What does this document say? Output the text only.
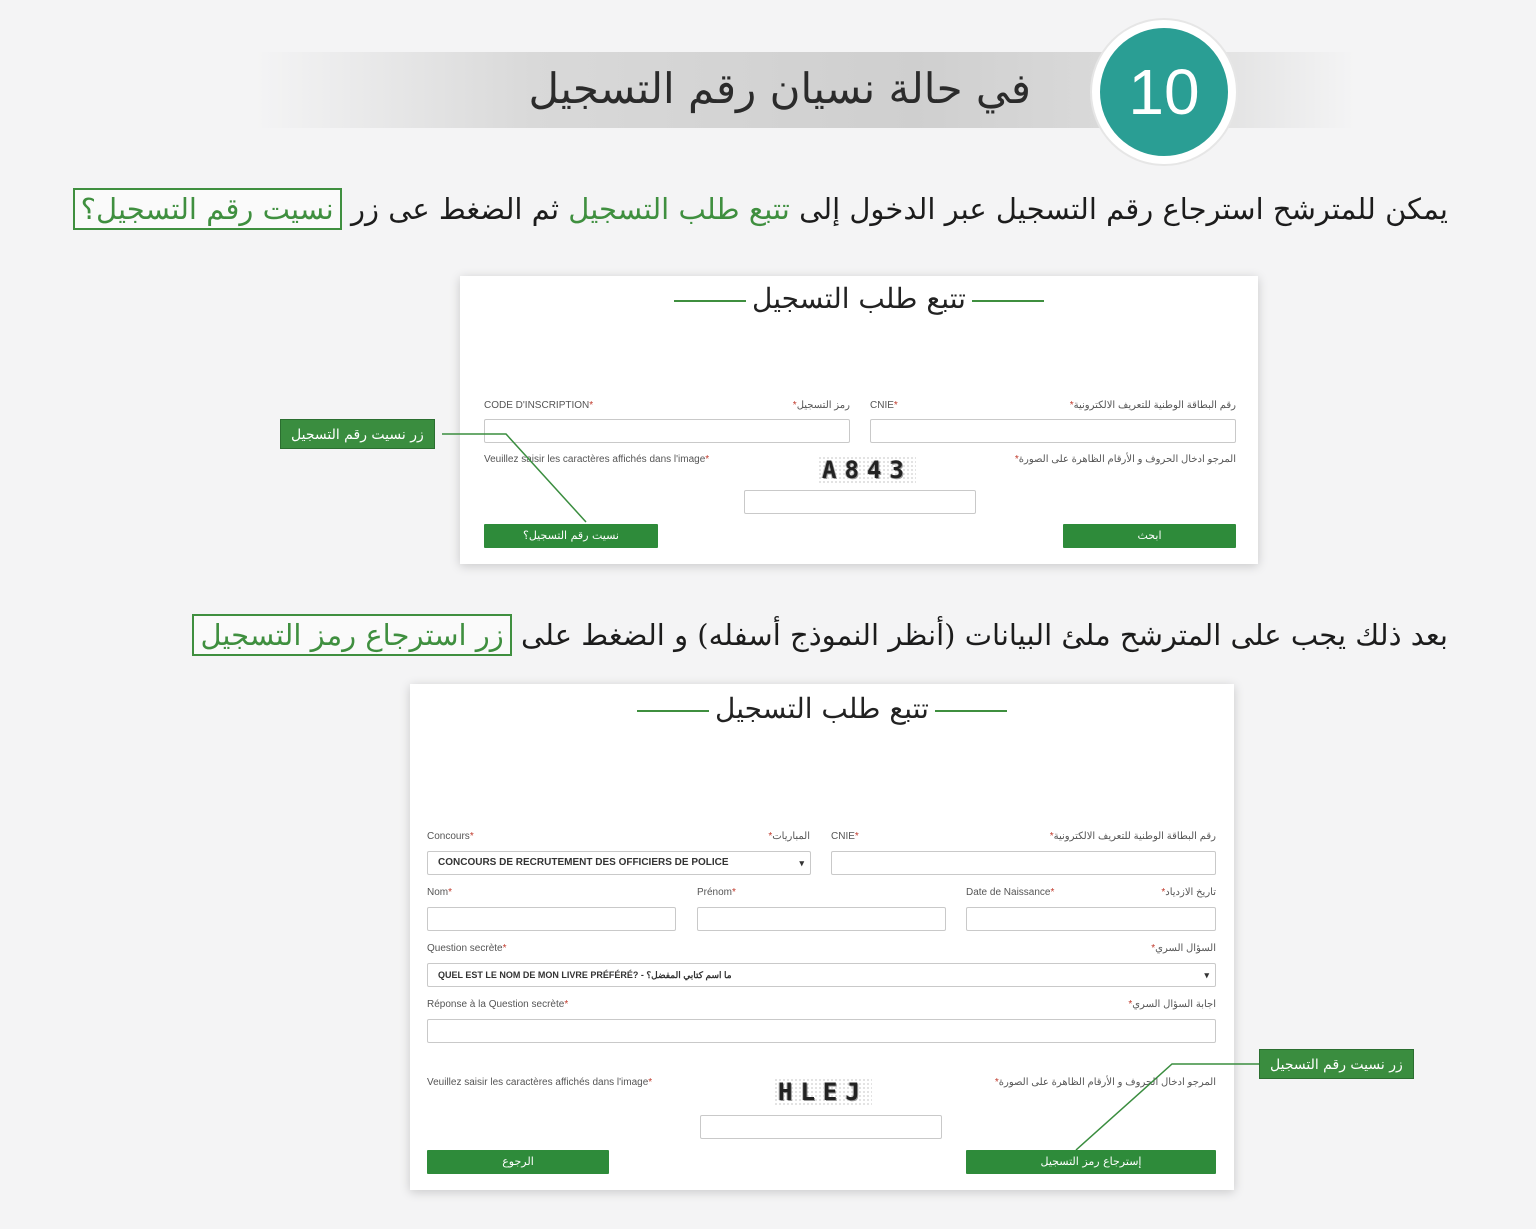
في حالة نسيان رقم التسجيل	10
يمكن للمترشح استرجاع رقم التسجيل عبر الدخول إلى تتبع طلب التسجيل ثم الضغط عى زر نسيت رقم التسجيل؟
تتبع طلب التسجيل
CODE D'INSCRIPTION*	رمز التسجيل*	CNIE*	رقم البطاقة الوطنية للتعريف الالكترونية*
Veuillez saisir les caractères affichés dans l'image*	المرجو ادخال الحروف و الأرقام الظاهرة على الصورة*
A843
نسيت رقم التسجيل؟	ابحث
زر نسيت رقم التسجيل
بعد ذلك يجب على المترشح ملئ البيانات (أنظر النموذج أسفله) و الضغط على زر استرجاع رمز التسجيل
تتبع طلب التسجيل
Concours*	المباريات*
CONCOURS DE RECRUTEMENT DES OFFICIERS DE POLICE	▾
CNIE*	رقم البطاقة الوطنية للتعريف الالكترونية*
Nom*	Prénom*	Date de Naissance*	تاريخ الازدياد*
Question secrète*	السؤال السري*
QUEL EST LE NOM DE MON LIVRE PRÉFÉRÉ? - ما اسم كتابي المفضل؟	▾
Réponse à la Question secrète*	اجابة السؤال السري*
Veuillez saisir les caractères affichés dans l'image*	المرجو ادخال الحروف و الأرقام الظاهرة على الصورة*
HLEJ
الرجوع	إسترجاع رمز التسجيل
زر نسيت رقم التسجيل
